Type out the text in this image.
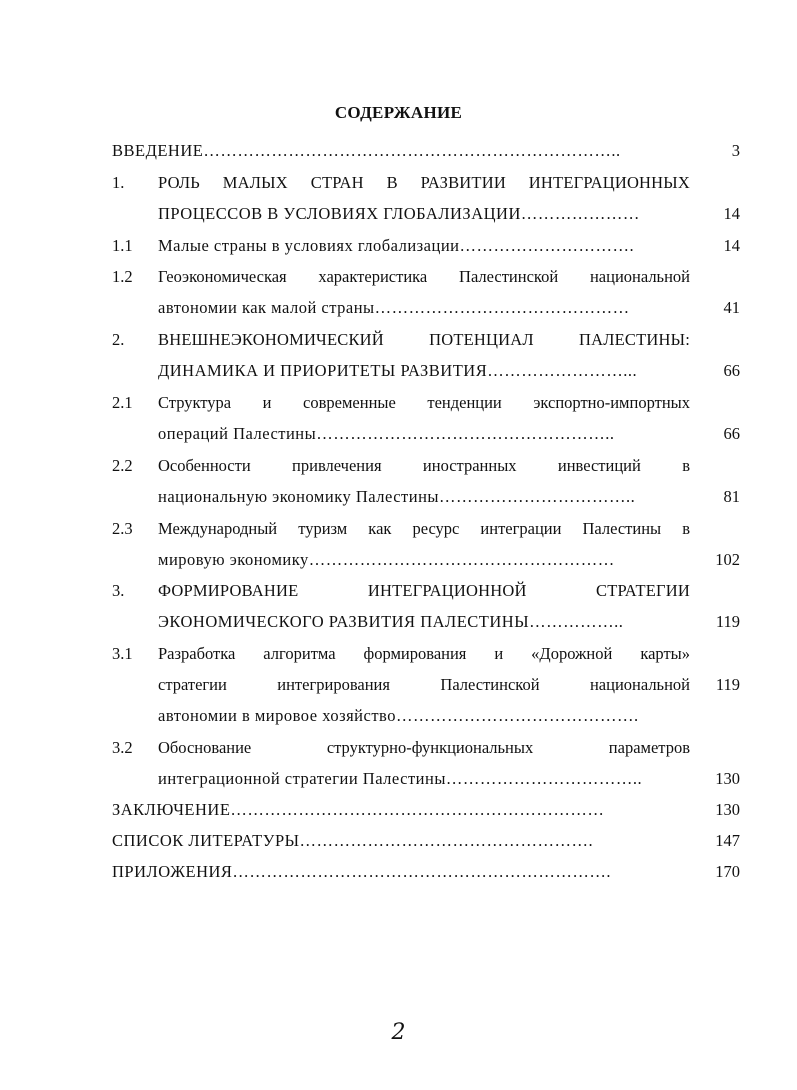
СОДЕРЖАНИЕ
ВВЕДЕНИЕ………………………………………………………………..	3
1. РОЛЬ МАЛЫХ СТРАН В РАЗВИТИИ ИНТЕГРАЦИОННЫХ
ПРОЦЕССОВ В УСЛОВИЯХ ГЛОБАЛИЗАЦИИ…………………	14
1.1 Малые страны в условиях глобализации………………………….	14
1.2 Геоэкономическая характеристика Палестинской национальной
автономии как малой страны………………………………………	41
2. ВНЕШНЕЭКОНОМИЧЕСКИЙ ПОТЕНЦИАЛ ПАЛЕСТИНЫ:
ДИНАМИКА И ПРИОРИТЕТЫ РАЗВИТИЯ……………………...	66
2.1 Структура и современные тенденции экспортно-импортных
операций Палестины……………………………………………..	66
2.2 Особенности привлечения иностранных инвестиций в
национальную экономику Палестины……………………………..	81
2.3 Международный туризм как ресурс интеграции Палестины в
мировую экономику………………………………………………	102
3. ФОРМИРОВАНИЕ ИНТЕГРАЦИОННОЙ СТРАТЕГИИ
ЭКОНОМИЧЕСКОГО РАЗВИТИЯ ПАЛЕСТИНЫ……………..	119
3.1 Разработка алгоритма формирования и «Дорожной карты»
стратегии интегрирования Палестинской национальной	119
автономии в мировое хозяйство…………………………………….
3.2 Обоснование структурно-функциональных параметров
интеграционной стратегии Палестины……………………………..	130
ЗАКЛЮЧЕНИЕ…………………………………………………………	130
СПИСОК ЛИТЕРАТУРЫ…………………………………………….	147
ПРИЛОЖЕНИЯ………………………………………………………….	170
2
